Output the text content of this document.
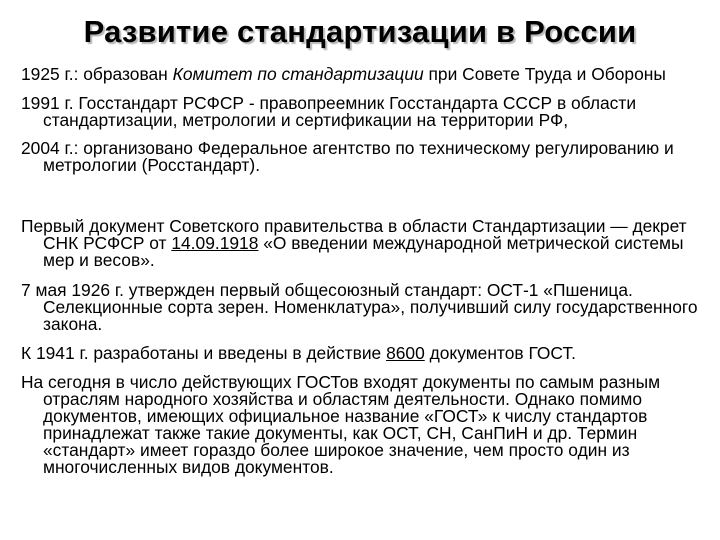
Развитие стандартизации в России

1925 г.: образован Комитет по стандартизации при Совете Труда и Обороны

1991 г. Госстандарт РСФСР - правопреемник Госстандарта СССР в области стандартизации, метрологии и сертификации на территории РФ,

2004 г.: организовано Федеральное агентство по техническому регулированию и метрологии (Росстандарт).

Первый документ Советского правительства в области Стандартизации — декрет СНК РСФСР от 14.09.1918 «О введении международной метрической системы мер и весов».

7 мая 1926 г. утвержден первый общесоюзный стандарт: ОСТ-1 «Пшеница. Селекционные сорта зерен. Номенклатура», получивший силу государственного закона.

К 1941 г. разработаны и введены в действие 8600 документов ГОСТ.

На сегодня в число действующих ГОСТов входят документы по самым разным отраслям народного хозяйства и областям деятельности. Однако помимо документов, имеющих официальное название «ГОСТ» к числу стандартов принадлежат также такие документы, как ОСТ, СН, СанПиН и др. Термин «стандарт» имеет гораздо более широкое значение, чем просто один из многочисленных видов документов.
